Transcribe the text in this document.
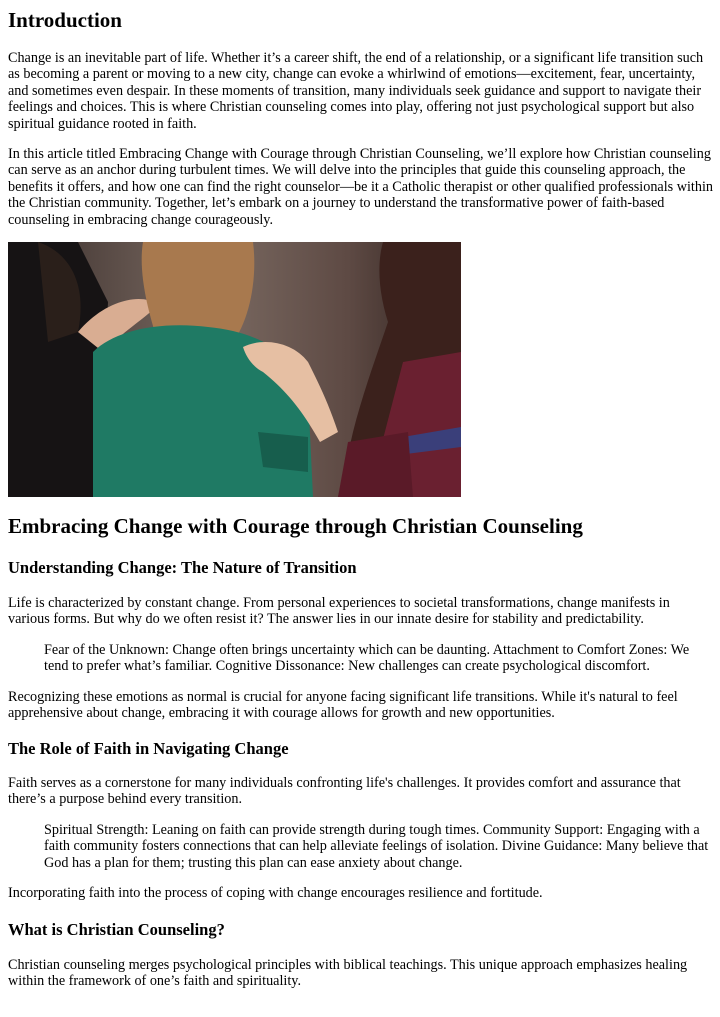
Introduction

Change is an inevitable part of life. Whether it’s a career shift, the end of a relationship, or a significant life transition such as becoming a parent or moving to a new city, change can evoke a whirlwind of emotions—excitement, fear, uncertainty, and sometimes even despair. In these moments of transition, many individuals seek guidance and support to navigate their feelings and choices. This is where Christian counseling comes into play, offering not just psychological support but also spiritual guidance rooted in faith.

In this article titled Embracing Change with Courage through Christian Counseling, we’ll explore how Christian counseling can serve as an anchor during turbulent times. We will delve into the principles that guide this counseling approach, the benefits it offers, and how one can find the right counselor—be it a Catholic therapist or other qualified professionals within the Christian community. Together, let’s embark on a journey to understand the transformative power of faith-based counseling in embracing change courageously.

Embracing Change with Courage through Christian Counseling
Understanding Change: The Nature of Transition

Life is characterized by constant change. From personal experiences to societal transformations, change manifests in various forms. But why do we often resist it? The answer lies in our innate desire for stability and predictability.

Fear of the Unknown: Change often brings uncertainty which can be daunting. Attachment to Comfort Zones: We tend to prefer what’s familiar. Cognitive Dissonance: New challenges can create psychological discomfort.

Recognizing these emotions as normal is crucial for anyone facing significant life transitions. While it's natural to feel apprehensive about change, embracing it with courage allows for growth and new opportunities.

The Role of Faith in Navigating Change

Faith serves as a cornerstone for many individuals confronting life's challenges. It provides comfort and assurance that there’s a purpose behind every transition.

Spiritual Strength: Leaning on faith can provide strength during tough times. Community Support: Engaging with a faith community fosters connections that can help alleviate feelings of isolation. Divine Guidance: Many believe that God has a plan for them; trusting this plan can ease anxiety about change.

Incorporating faith into the process of coping with change encourages resilience and fortitude.

What is Christian Counseling?

Christian counseling merges psychological principles with biblical teachings. This unique approach emphasizes healing within the framework of one’s faith and spirituality.
